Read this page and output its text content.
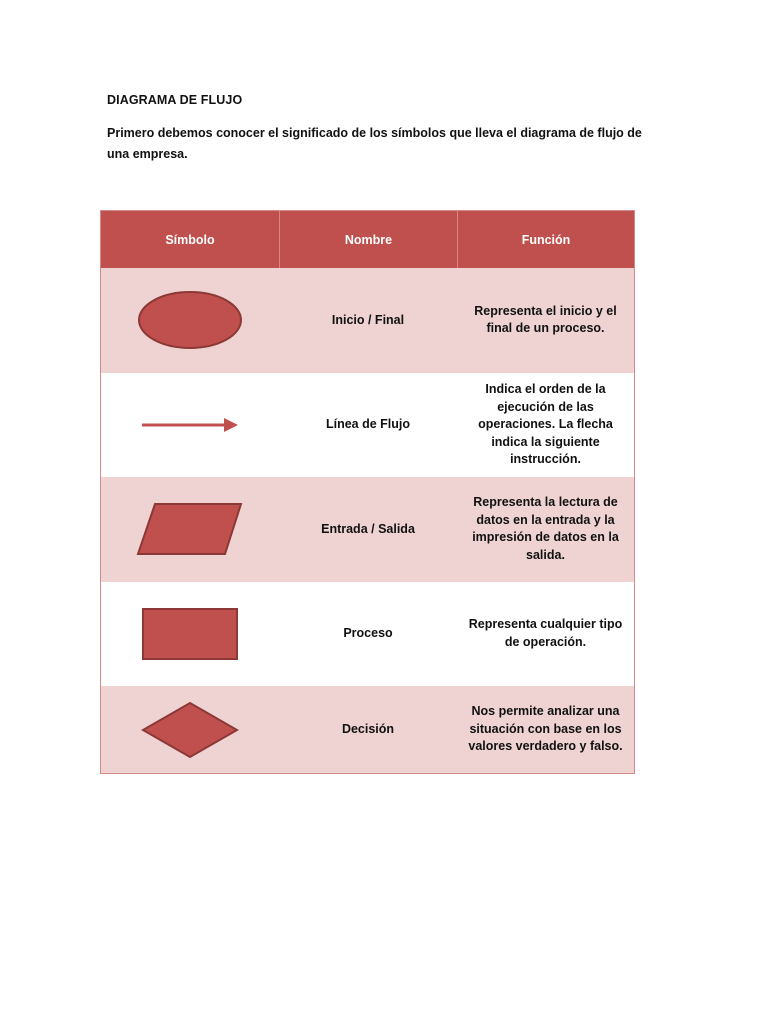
DIAGRAMA DE FLUJO
Primero debemos conocer el significado de los símbolos que lleva el diagrama de flujo de una empresa.
Símbolo	Nombre	Función
Inicio / Final
Representa el inicio y el final de un proceso.
Línea de Flujo
Indica el orden de la ejecución de las operaciones. La flecha indica la siguiente instrucción.
Entrada / Salida
Representa la lectura de datos en la entrada y la impresión de datos en la salida.
Proceso
Representa cualquier tipo de operación.
Decisión
Nos permite analizar una situación con base en los valores verdadero y falso.
